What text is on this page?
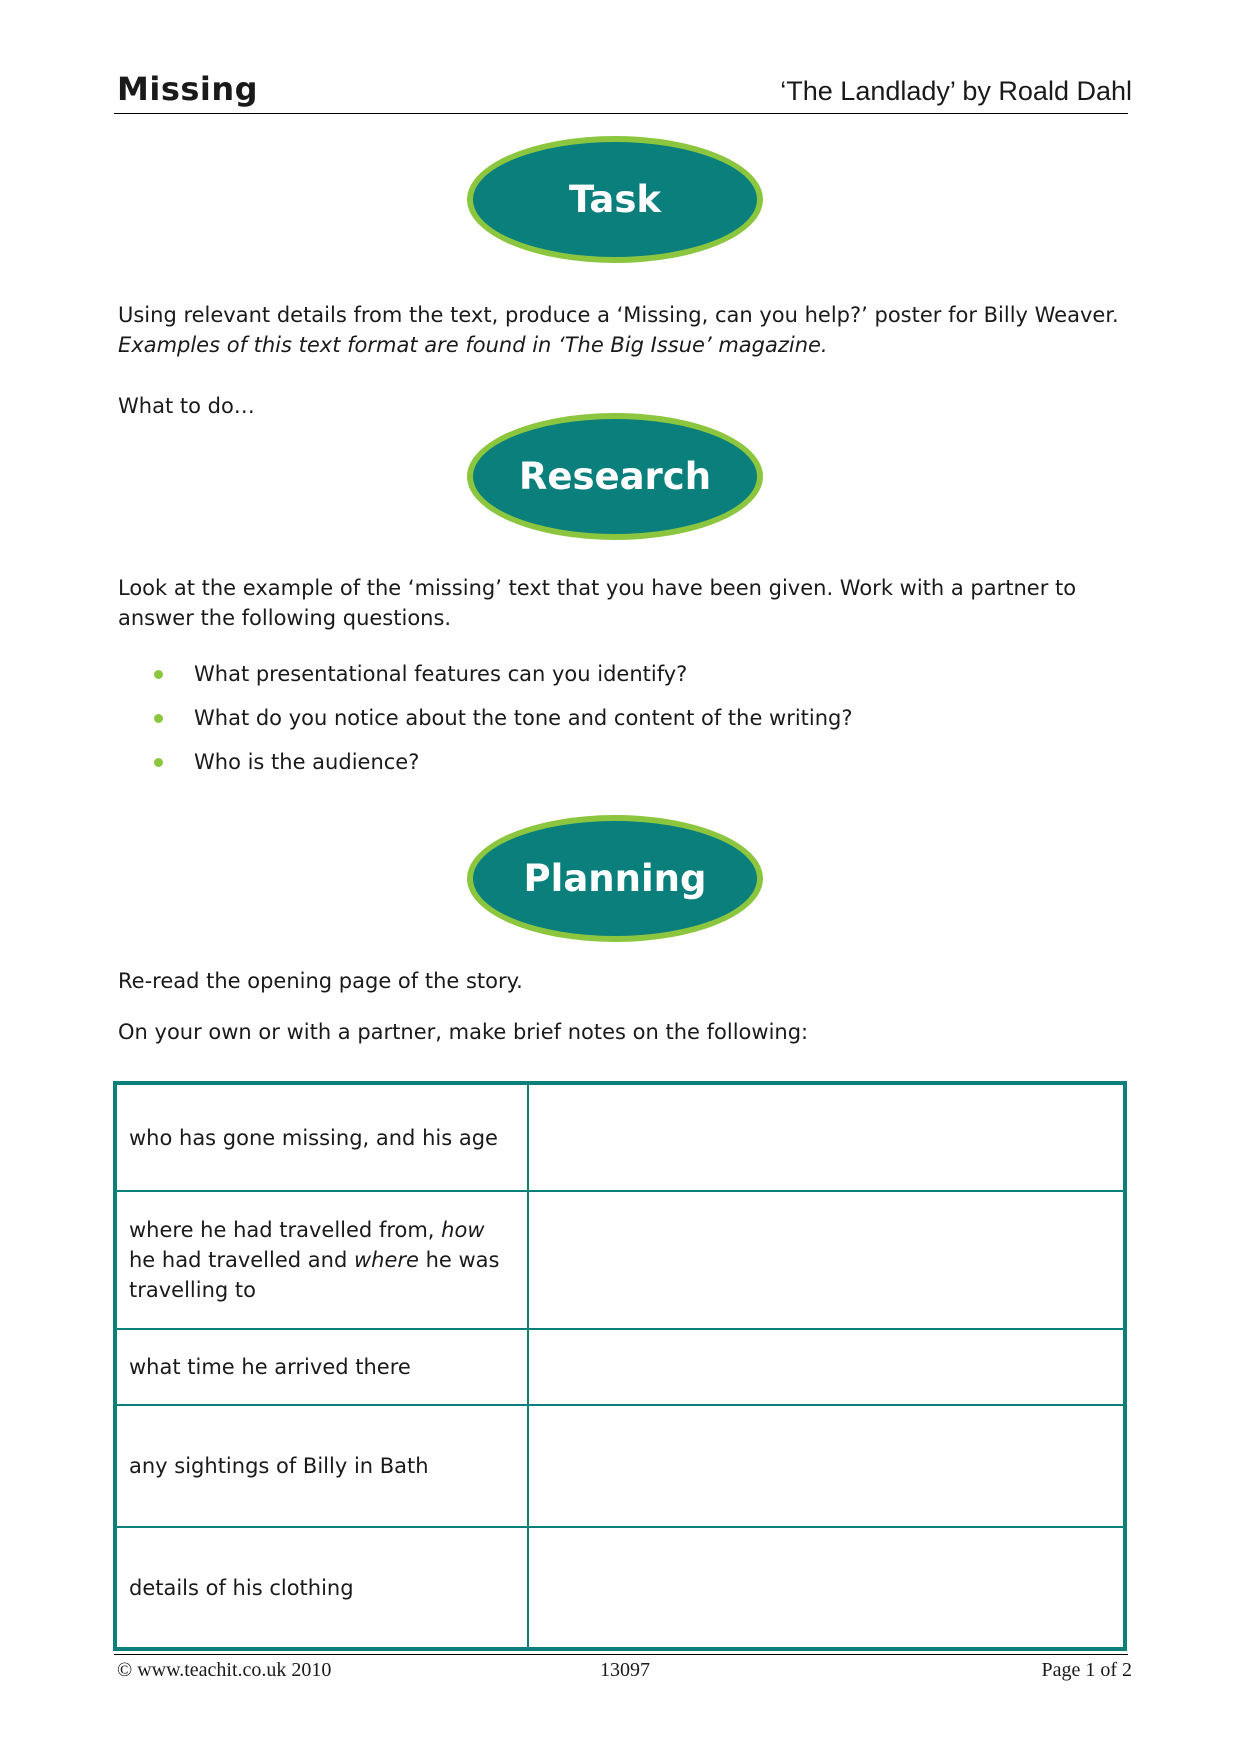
Missing	‘The Landlady’ by Roald Dahl
Task

Using relevant details from the text, produce a ‘Missing, can you help?’ poster for Billy Weaver.
Examples of this text format are found in ‘The Big Issue’ magazine.

What to do…

Research

Look at the example of the ‘missing’ text that you have been given. Work with a partner to answer the following questions.

What presentational features can you identify?
What do you notice about the tone and content of the writing?
Who is the audience?
Planning

Re-read the opening page of the story.

On your own or with a partner, make brief notes on the following:

who has gone missing, and his age	
where he had travelled from, how he had travelled and where he was travelling to	
what time he arrived there	
any sightings of Billy in Bath	
details of his clothing	
© www.teachit.co.uk 2010	13097	Page 1 of 2
